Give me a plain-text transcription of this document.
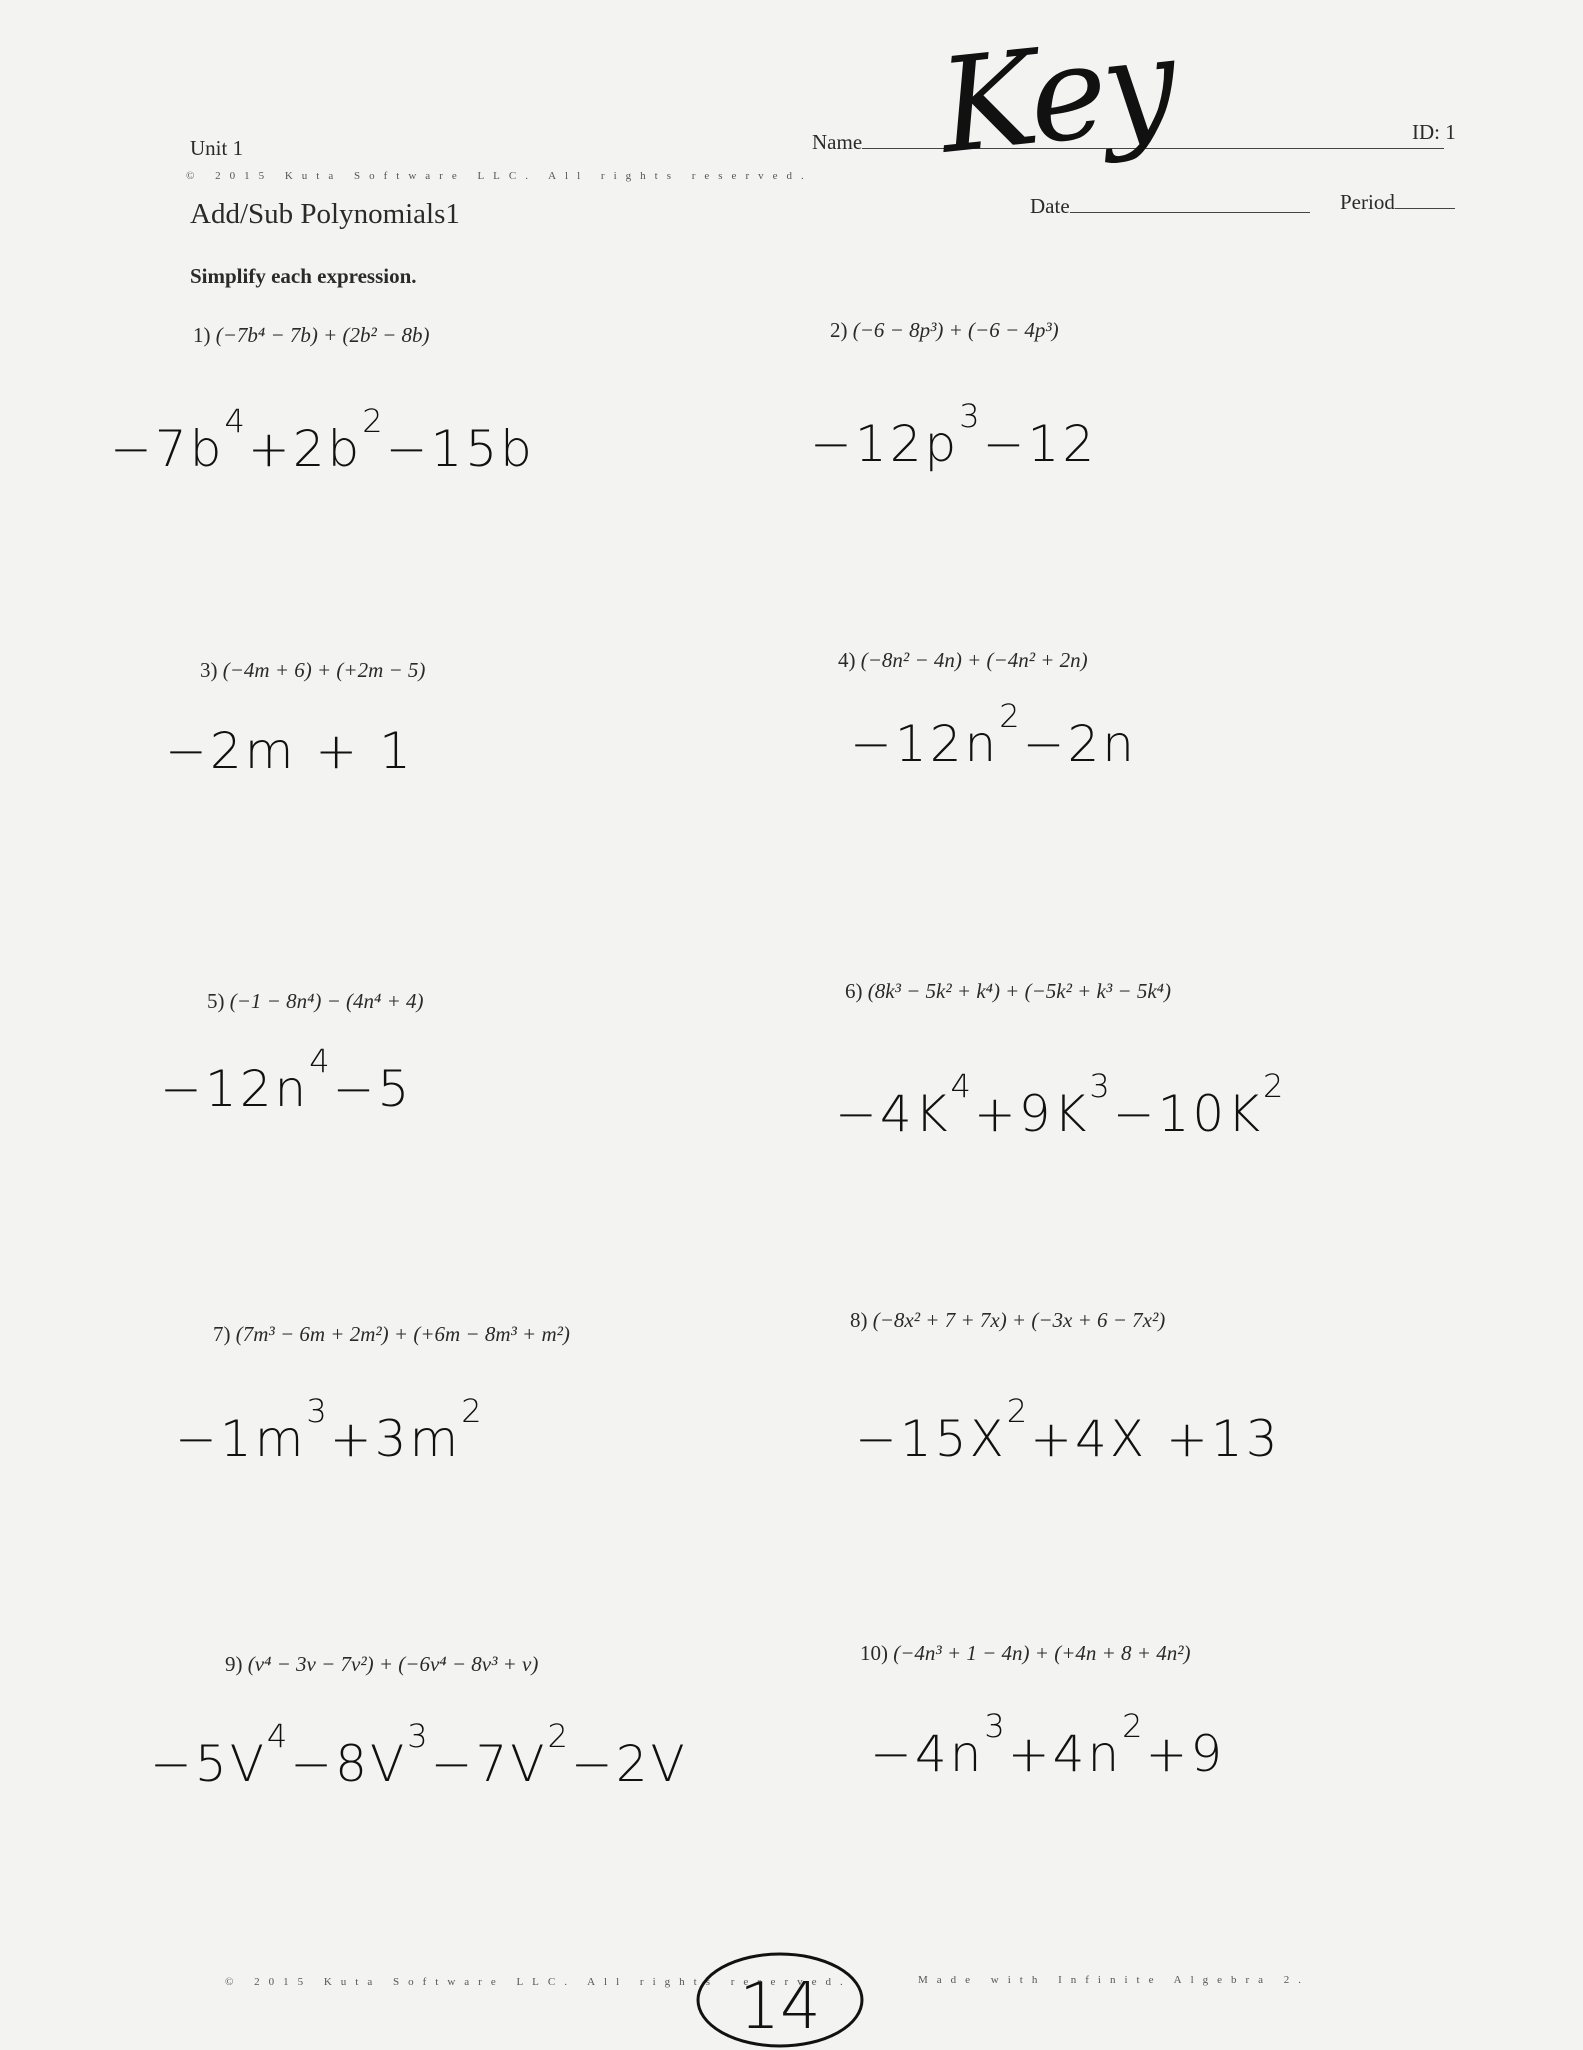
Unit 1
© 2015 Kuta Software LLC. All rights reserved.
Add/Sub Polynomials1
Name Key	ID: 1
Date	Period
Simplify each expression.
1) (−7b⁴ − 7b) + (2b² − 8b)	2) (−6 − 8p³) + (−6 − 4p³)
3) (−4m + 6) + (+2m − 5)	4) (−8n² − 4n) + (−4n² + 2n)
5) (−1 − 8n⁴) − (4n⁴ + 4)	6) (8k³ − 5k² + k⁴) + (−5k² + k³ − 5k⁴)
7) (7m³ − 6m + 2m²) + (+6m − 8m³ + m²)
8) (−8x² + 7 + 7x) + (−3x + 6 − 7x²)
9) (v⁴ − 3v − 7v²) + (−6v⁴ − 8v³ + v)	10) (−4n³ + 1 − 4n) + (+4n + 8 + 4n²)
$-7b^4+2b^2-15b$	$-12p^3-12$
−2m + 1	$-12n^2-2n$
$-12n^4-5$	$-4K^4+9K^3-10K^2$
$-1m^3+3m^2$	$-15X^2+4X +13$
$-5V^4-8V^3-7V^2-2V$	$-4n^3+4n^2+9$
© 2015 Kuta Software LLC. All rights reserved.	Made with Infinite Algebra 2.
14
